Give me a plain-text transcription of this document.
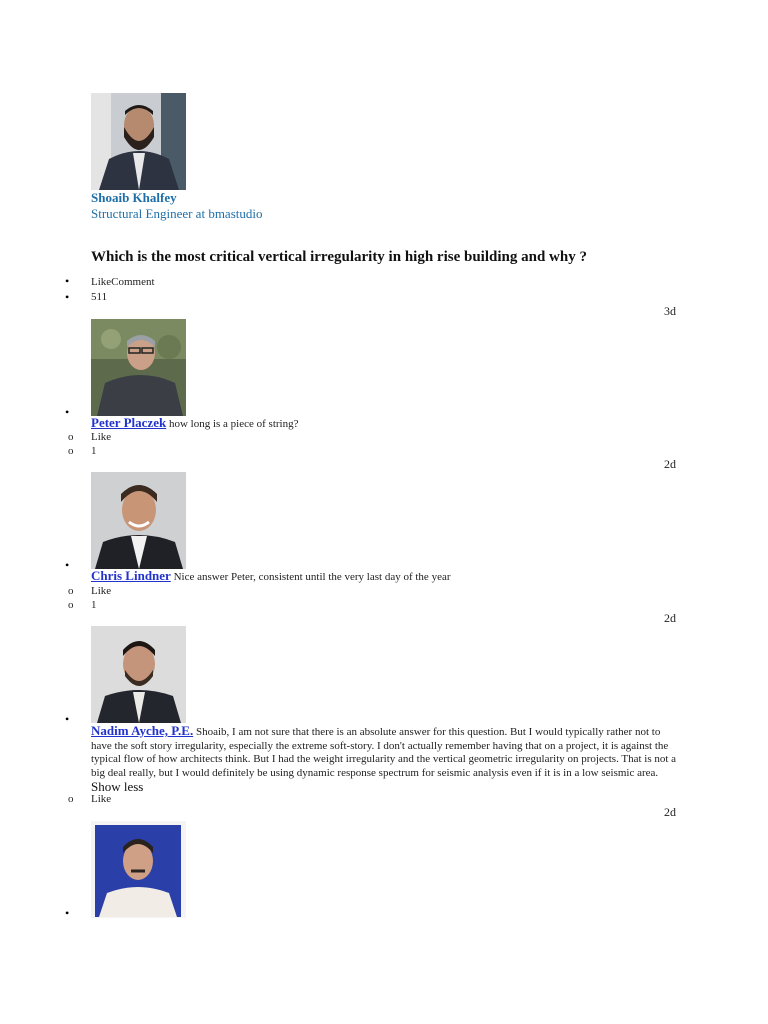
Shoaib Khalfey
Structural Engineer at bmastudio
Which is the most critical vertical irregularity in high rise building and why ?
• LikeComment
• 511
3d
•
Peter Placzek how long is a piece of string?
o Like
o 1
2d
•
Chris Lindner Nice answer Peter, consistent until the very last day of the year
o Like
o 1
2d
•
Nadim Ayche, P.E. Shoaib, I am not sure that there is an absolute answer for this question. But I would typically rather not to have the soft story irregularity, especially the extreme soft-story. I don't actually remember having that on a project, it is against the typical flow of how architects think. But I had the weight irregularity and the vertical geometric irregularity on projects. That is not a big deal really, but I would definitely be using dynamic response spectrum for seismic analysis even if it is in a low seismic area. Show less
o Like
2d
•
